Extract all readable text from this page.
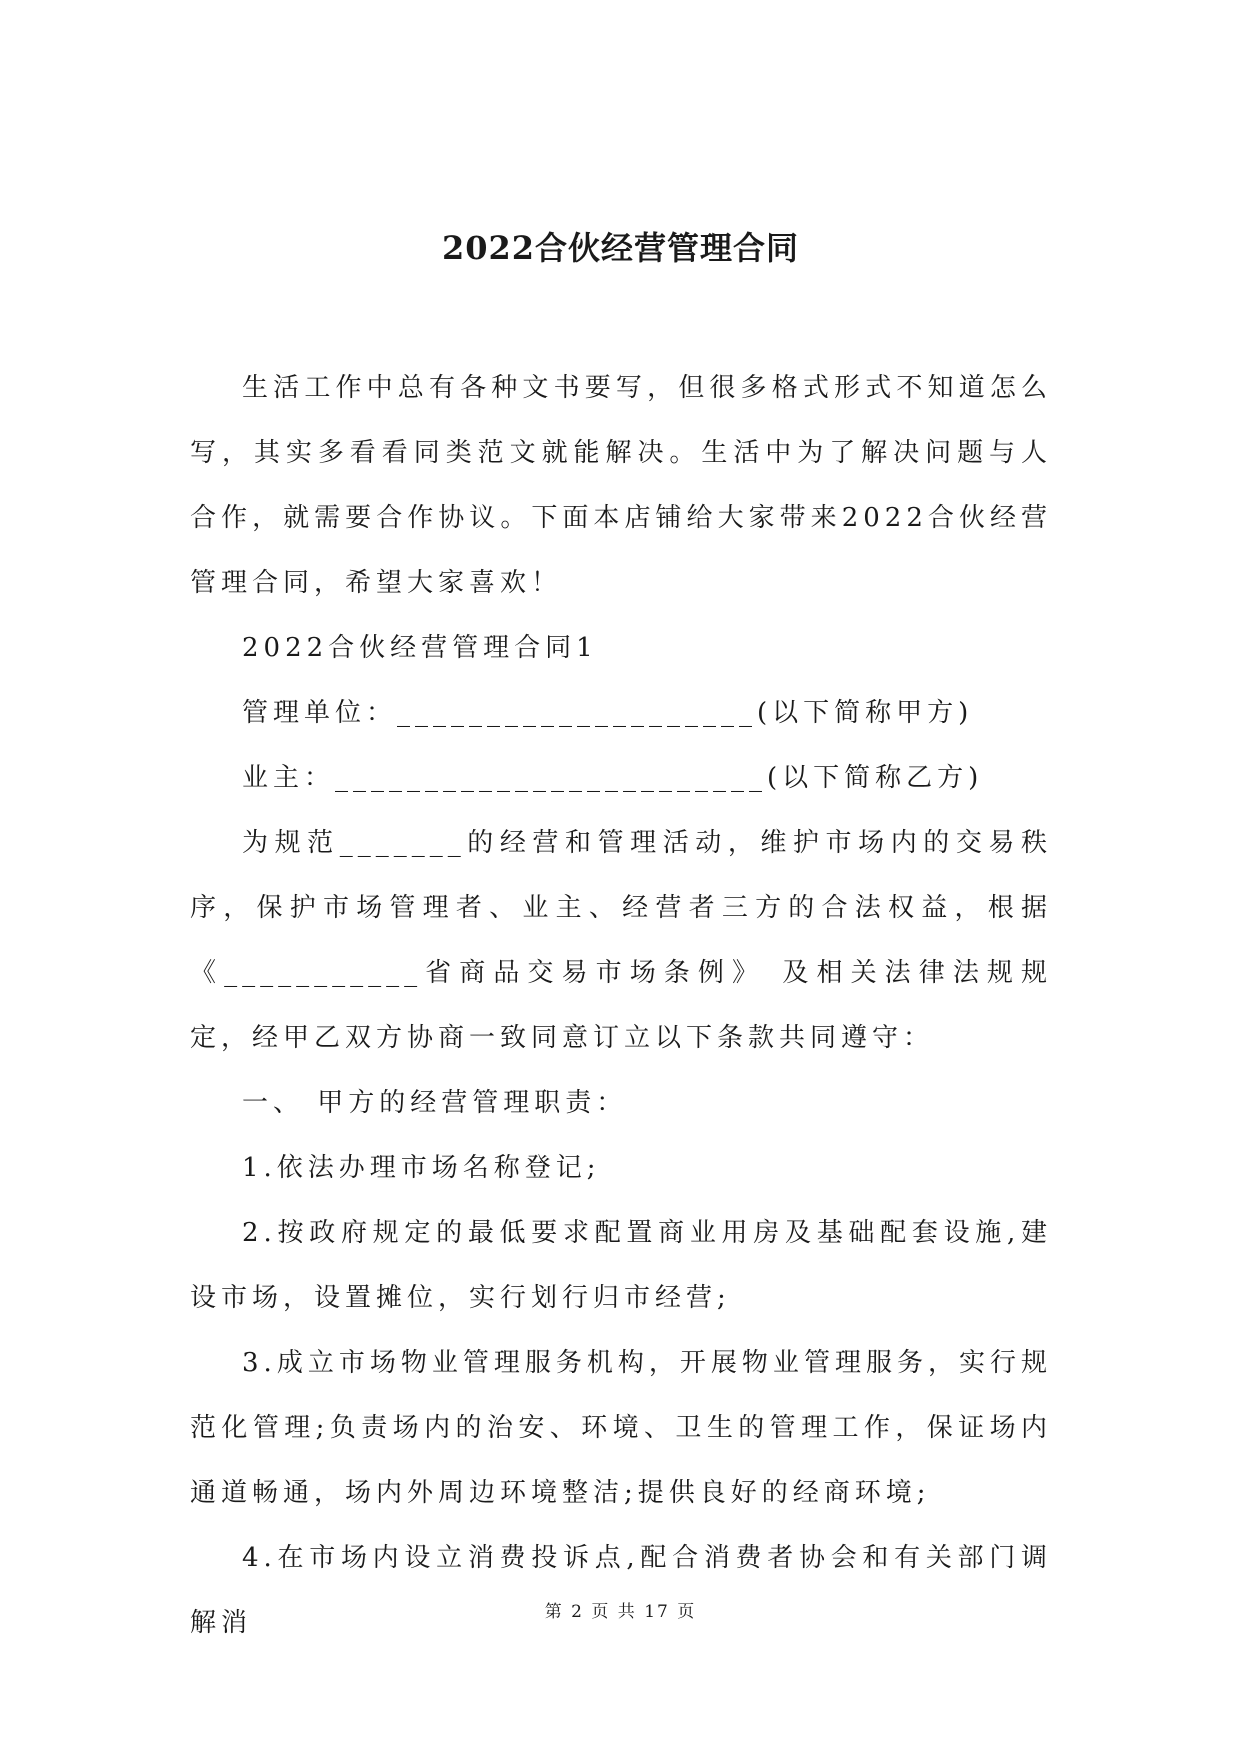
2022合伙经营管理合同

生活工作中总有各种文书要写，但很多格式形式不知道怎么写，其实多看看同类范文就能解决。生活中为了解决问题与人合作，就需要合作协议。下面本店铺给大家带来2022合伙经营管理合同，希望大家喜欢！

2022合伙经营管理合同1

管理单位：____________________(以下简称甲方)

业主：________________________(以下简称乙方)

为规范_______的经营和管理活动，维护市场内的交易秩序，保护市场管理者、业主、经营者三方的合法权益，根据《___________省商品交易市场条例》 及相关法律法规规定，经甲乙双方协商一致同意订立以下条款共同遵守：

一、 甲方的经营管理职责：

1.依法办理市场名称登记;

2.按政府规定的最低要求配置商业用房及基础配套设施,建设市场，设置摊位，实行划行归市经营;

3.成立市场物业管理服务机构，开展物业管理服务，实行规范化管理;负责场内的治安、环境、卫生的管理工作，保证场内通道畅通，场内外周边环境整洁;提供良好的经商环境;

4.在市场内设立消费投诉点,配合消费者协会和有关部门调解消	第 2 页 共 17 页
